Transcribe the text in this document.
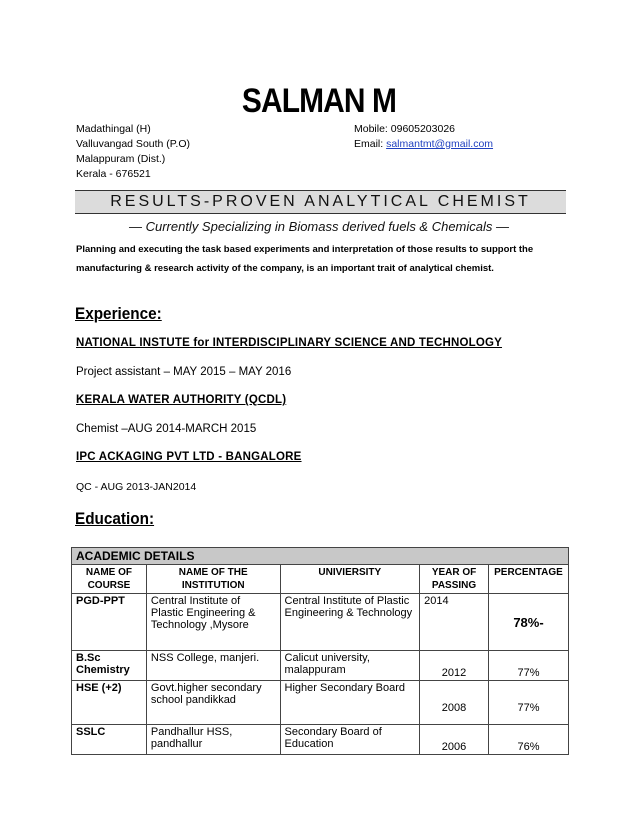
SALMAN M
Madathingal (H)
Valluvangad South (P.O)
Malappuram (Dist.)
Kerala - 676521
Mobile: 09605203026
Email: salmantmt@gmail.com
RESULTS-PROVEN ANALYTICAL CHEMIST
— Currently Specializing in Biomass derived fuels & Chemicals —
Planning and executing the task based experiments and interpretation of those results to support the manufacturing & research activity of the company, is an important trait of analytical chemist.
Experience:
NATIONAL INSTUTE for INTERDISCIPLINARY SCIENCE AND TECHNOLOGY
Project assistant – MAY 2015 – MAY 2016
KERALA WATER AUTHORITY (QCDL)
Chemist –AUG 2014-MARCH 2015
IPC ACKAGING PVT LTD - BANGALORE
QC - AUG 2013-JAN2014
Education:
ACADEMIC DETAILS				
NAME OF COURSE	NAME OF THE INSTITUTION	UNIVIERSITY	YEAR OF PASSING	PERCENTAGE
PGD-PPT	Central Institute of Plastic Engineering & Technology ,Mysore	Central Institute of Plastic Engineering & Technology	2014	78%-
B.Sc Chemistry	NSS College, manjeri.	Calicut university, malappuram	2012	77%
HSE (+2)	Govt.higher secondary school pandikkad	Higher Secondary Board	2008	77%
SSLC	Pandhallur HSS, pandhallur	Secondary Board of Education	2006	76%
